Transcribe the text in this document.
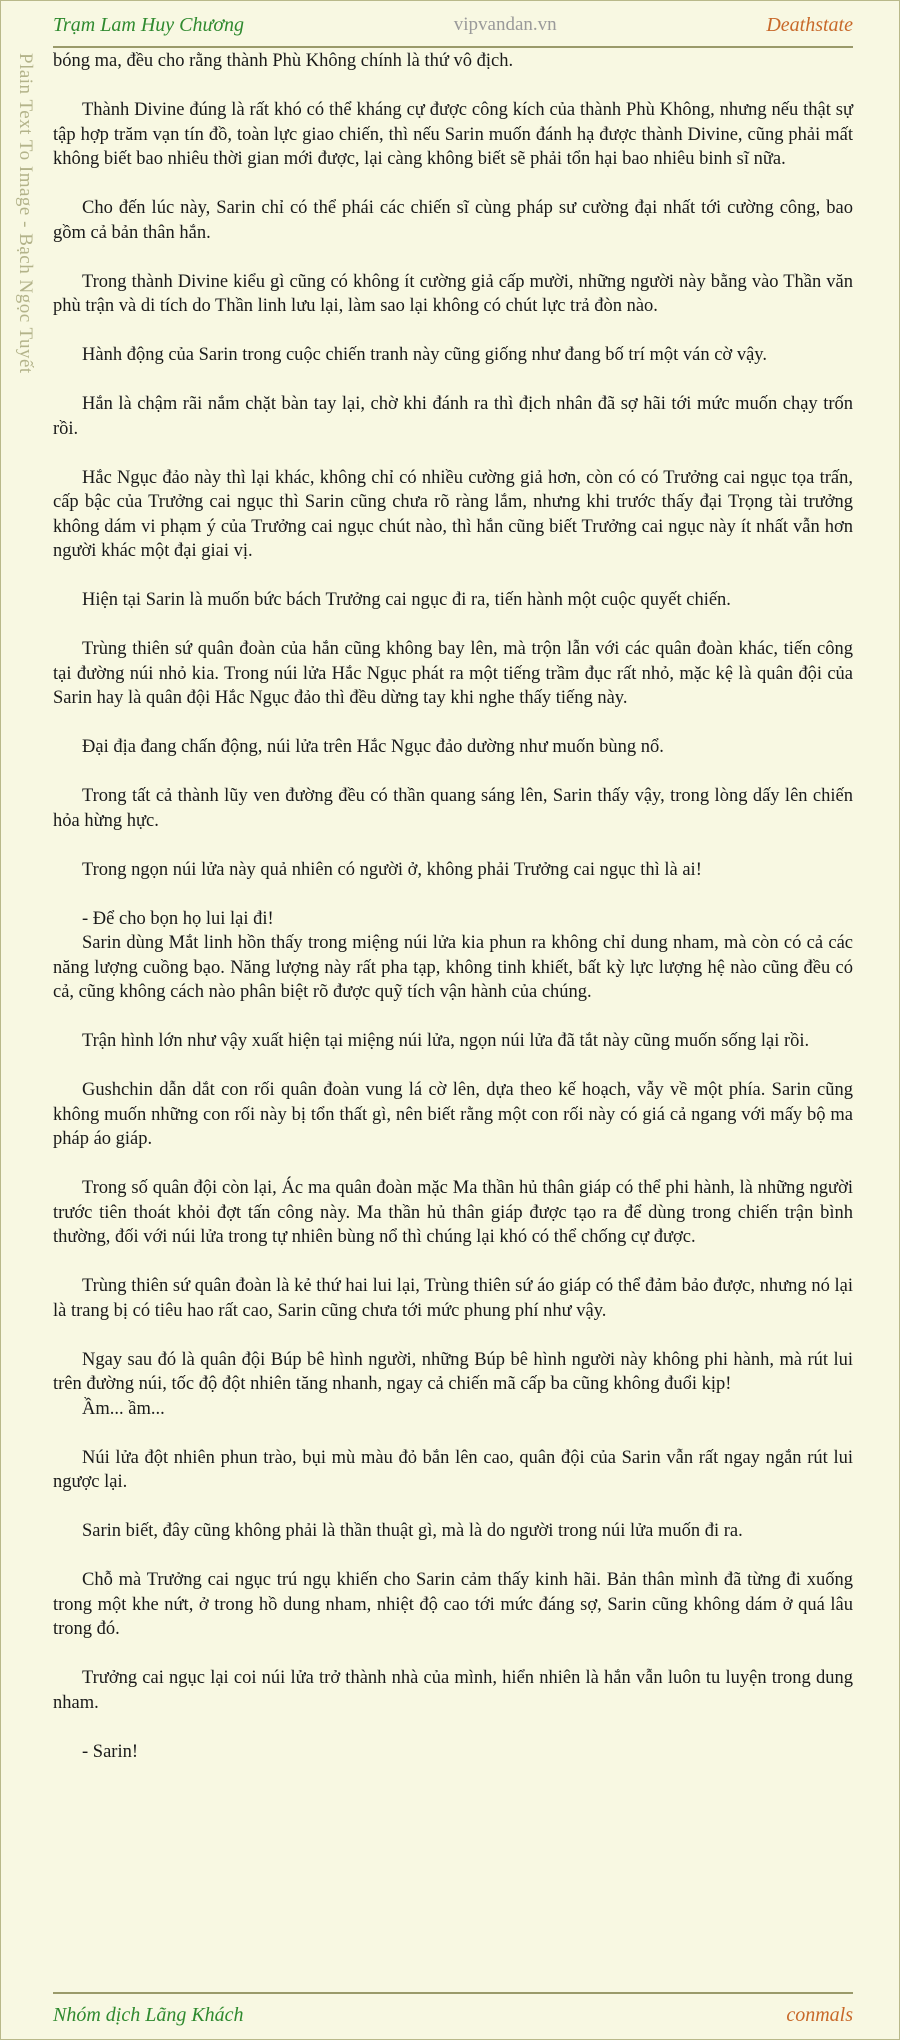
Trạm Lam Huy Chương	vipvandan.vn	Deathstate
Plain Text To Image - Bạch Ngọc Tuyết bóng ma, đều cho rằng thành Phù Không chính là thứ vô địch.

Thành Divine đúng là rất khó có thể kháng cự được công kích của thành Phù Không, nhưng nếu thật sự tập hợp trăm vạn tín đồ, toàn lực giao chiến, thì nếu Sarin muốn đánh hạ được thành Divine, cũng phải mất không biết bao nhiêu thời gian mới được, lại càng không biết sẽ phải tổn hại bao nhiêu binh sĩ nữa.

Cho đến lúc này, Sarin chỉ có thể phái các chiến sĩ cùng pháp sư cường đại nhất tới cường công, bao gồm cả bản thân hắn.

Trong thành Divine kiểu gì cũng có không ít cường giả cấp mười, những người này bằng vào Thần văn phù trận và di tích do Thần linh lưu lại, làm sao lại không có chút lực trả đòn nào.

Hành động của Sarin trong cuộc chiến tranh này cũng giống như đang bố trí một ván cờ vậy.

Hắn là chậm rãi nắm chặt bàn tay lại, chờ khi đánh ra thì địch nhân đã sợ hãi tới mức muốn chạy trốn rồi.

Hắc Ngục đảo này thì lại khác, không chỉ có nhiều cường giả hơn, còn có có Trưởng cai ngục tọa trấn, cấp bậc của Trưởng cai ngục thì Sarin cũng chưa rõ ràng lắm, nhưng khi trước thấy đại Trọng tài trưởng không dám vi phạm ý của Trưởng cai ngục chút nào, thì hắn cũng biết Trưởng cai ngục này ít nhất vẫn hơn người khác một đại giai vị.

Hiện tại Sarin là muốn bức bách Trưởng cai ngục đi ra, tiến hành một cuộc quyết chiến.

Trùng thiên sứ quân đoàn của hắn cũng không bay lên, mà trộn lẫn với các quân đoàn khác, tiến công tại đường núi nhỏ kia. Trong núi lửa Hắc Ngục phát ra một tiếng trầm đục rất nhỏ, mặc kệ là quân đội của Sarin hay là quân đội Hắc Ngục đảo thì đều dừng tay khi nghe thấy tiếng này.

Đại địa đang chấn động, núi lửa trên Hắc Ngục đảo dường như muốn bùng nổ.

Trong tất cả thành lũy ven đường đều có thần quang sáng lên, Sarin thấy vậy, trong lòng dấy lên chiến hỏa hừng hực.

Trong ngọn núi lửa này quả nhiên có người ở, không phải Trưởng cai ngục thì là ai!

- Để cho bọn họ lui lại đi!

Sarin dùng Mắt linh hồn thấy trong miệng núi lửa kia phun ra không chỉ dung nham, mà còn có cả các năng lượng cuồng bạo. Năng lượng này rất pha tạp, không tinh khiết, bất kỳ lực lượng hệ nào cũng đều có cả, cũng không cách nào phân biệt rõ được quỹ tích vận hành của chúng.

Trận hình lớn như vậy xuất hiện tại miệng núi lửa, ngọn núi lửa đã tắt này cũng muốn sống lại rồi.

Gushchin dẫn dắt con rối quân đoàn vung lá cờ lên, dựa theo kế hoạch, vẫy về một phía. Sarin cũng không muốn những con rối này bị tổn thất gì, nên biết rằng một con rối này có giá cả ngang với mấy bộ ma pháp áo giáp.

Trong số quân đội còn lại, Ác ma quân đoàn mặc Ma thần hủ thân giáp có thể phi hành, là những người trước tiên thoát khỏi đợt tấn công này. Ma thần hủ thân giáp được tạo ra để dùng trong chiến trận bình thường, đối với núi lửa trong tự nhiên bùng nổ thì chúng lại khó có thể chống cự được.

Trùng thiên sứ quân đoàn là kẻ thứ hai lui lại, Trùng thiên sứ áo giáp có thể đảm bảo được, nhưng nó lại là trang bị có tiêu hao rất cao, Sarin cũng chưa tới mức phung phí như vậy.

Ngay sau đó là quân đội Búp bê hình người, những Búp bê hình người này không phi hành, mà rút lui trên đường núi, tốc độ đột nhiên tăng nhanh, ngay cả chiến mã cấp ba cũng không đuổi kịp!

Ầm... ầm...

Núi lửa đột nhiên phun trào, bụi mù màu đỏ bắn lên cao, quân đội của Sarin vẫn rất ngay ngắn rút lui ngược lại.

Sarin biết, đây cũng không phải là thần thuật gì, mà là do người trong núi lửa muốn đi ra.

Chỗ mà Trưởng cai ngục trú ngụ khiến cho Sarin cảm thấy kinh hãi. Bản thân mình đã từng đi xuống trong một khe nứt, ở trong hồ dung nham, nhiệt độ cao tới mức đáng sợ, Sarin cũng không dám ở quá lâu trong đó.

Trưởng cai ngục lại coi núi lửa trở thành nhà của mình, hiển nhiên là hắn vẫn luôn tu luyện trong dung nham.

- Sarin!

Nhóm dịch Lãng Khách	conmals
